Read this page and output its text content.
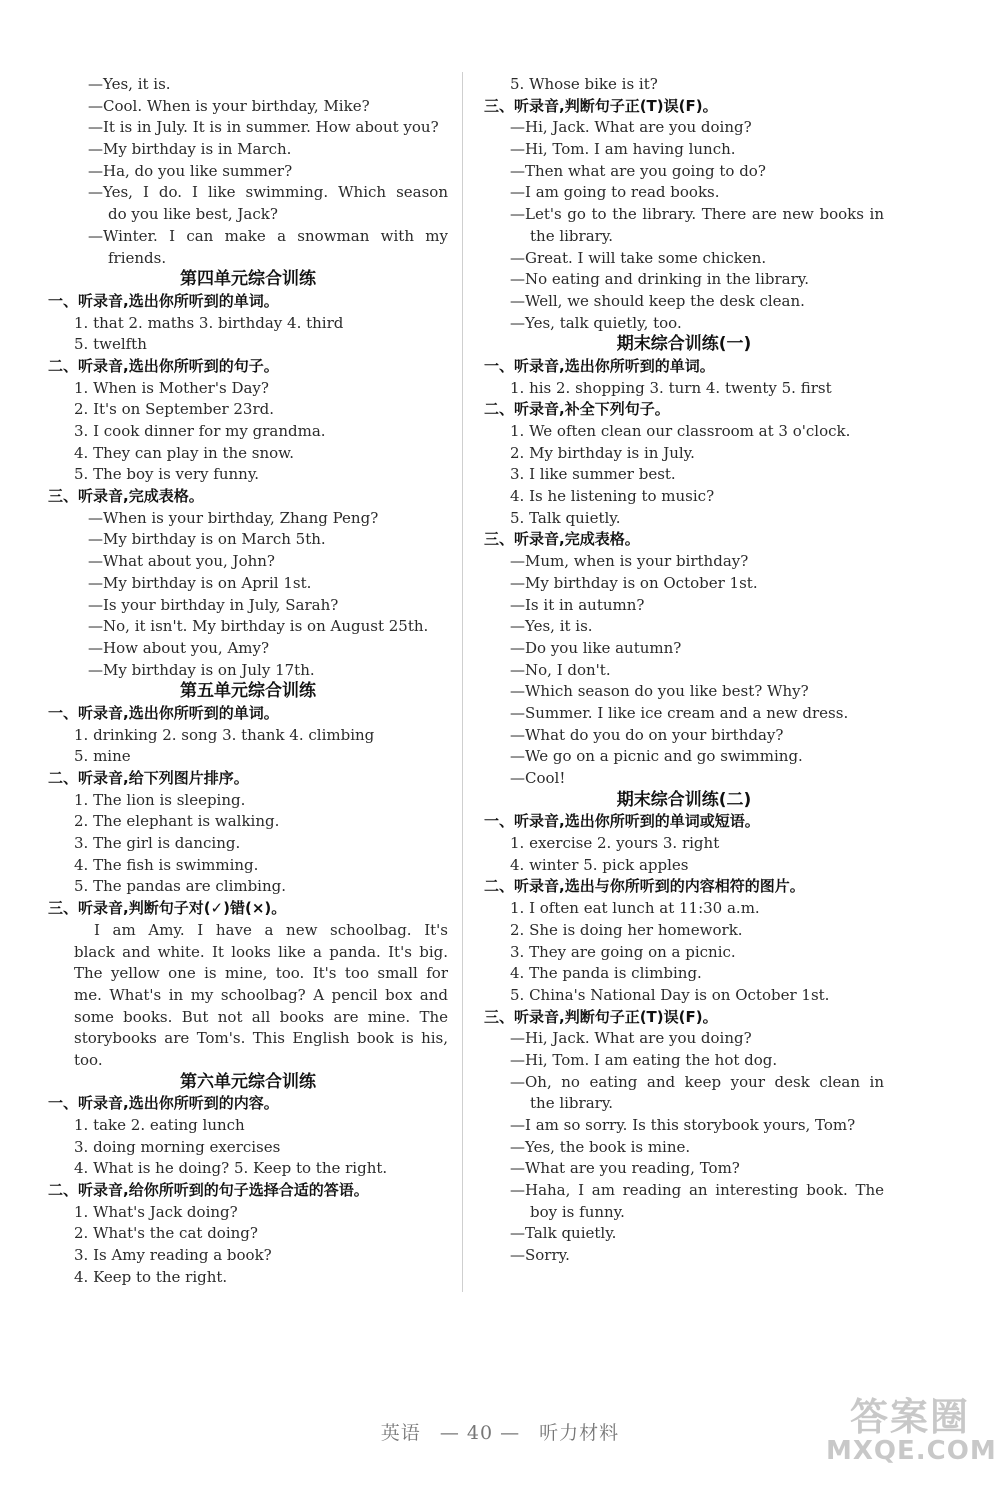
—Yes, it is.
—Cool. When is your birthday, Mike?
—It is in July. It is in summer. How about you?
—My birthday is in March.
—Ha, do you like summer?
—Yes, I do. I like swimming. Which season
do you like best, Jack?
—Winter. I can make a snowman with my
friends.
第四单元综合训练
一、听录音,选出你所听到的单词。
1. that 2. maths 3. birthday 4. third
5. twelfth
二、听录音,选出你所听到的句子。
1. When is Mother's Day?
2. It's on September 23rd.
3. I cook dinner for my grandma.
4. They can play in the snow.
5. The boy is very funny.
三、听录音,完成表格。
—When is your birthday, Zhang Peng?
—My birthday is on March 5th.
—What about you, John?
—My birthday is on April 1st.
—Is your birthday in July, Sarah?
—No, it isn't. My birthday is on August 25th.
—How about you, Amy?
—My birthday is on July 17th.
第五单元综合训练
一、听录音,选出你所听到的单词。
1. drinking 2. song 3. thank 4. climbing
5. mine
二、听录音,给下列图片排序。
1. The lion is sleeping.
2. The elephant is walking.
3. The girl is dancing.
4. The fish is swimming.
5. The pandas are climbing.
三、听录音,判断句子对(✓)错(×)。
I am Amy. I have a new schoolbag. It's
black and white. It looks like a panda. It's big.
The yellow one is mine, too. It's too small for
me. What's in my schoolbag? A pencil box and
some books. But not all books are mine. The
storybooks are Tom's. This English book is his,
too.
第六单元综合训练
一、听录音,选出你所听到的内容。
1. take 2. eating lunch
3. doing morning exercises
4. What is he doing? 5. Keep to the right.
二、听录音,给你所听到的句子选择合适的答语。
1. What's Jack doing?
2. What's the cat doing?
3. Is Amy reading a book?
4. Keep to the right.
5. Whose bike is it?
三、听录音,判断句子正(T)误(F)。
—Hi, Jack. What are you doing?
—Hi, Tom. I am having lunch.
—Then what are you going to do?
—I am going to read books.
—Let's go to the library. There are new books in
the library.
—Great. I will take some chicken.
—No eating and drinking in the library.
—Well, we should keep the desk clean.
—Yes, talk quietly, too.
期末综合训练(一)
一、听录音,选出你所听到的单词。
1. his 2. shopping 3. turn 4. twenty 5. first
二、听录音,补全下列句子。
1. We often clean our classroom at 3 o'clock.
2. My birthday is in July.
3. I like summer best.
4. Is he listening to music?
5. Talk quietly.
三、听录音,完成表格。
—Mum, when is your birthday?
—My birthday is on October 1st.
—Is it in autumn?
—Yes, it is.
—Do you like autumn?
—No, I don't.
—Which season do you like best? Why?
—Summer. I like ice cream and a new dress.
—What do you do on your birthday?
—We go on a picnic and go swimming.
—Cool!
期末综合训练(二)
一、听录音,选出你所听到的单词或短语。
1. exercise 2. yours 3. right
4. winter 5. pick apples
二、听录音,选出与你所听到的内容相符的图片。
1. I often eat lunch at 11:30 a.m.
2. She is doing her homework.
3. They are going on a picnic.
4. The panda is climbing.
5. China's National Day is on October 1st.
三、听录音,判断句子正(T)误(F)。
—Hi, Jack. What are you doing?
—Hi, Tom. I am eating the hot dog.
—Oh, no eating and keep your desk clean in
the library.
—I am so sorry. Is this storybook yours, Tom?
—Yes, the book is mine.
—What are you reading, Tom?
—Haha, I am reading an interesting book. The
boy is funny.
—Talk quietly.
—Sorry.
英语 — 40 — 听力材料	答案圈
MXQE.COM
